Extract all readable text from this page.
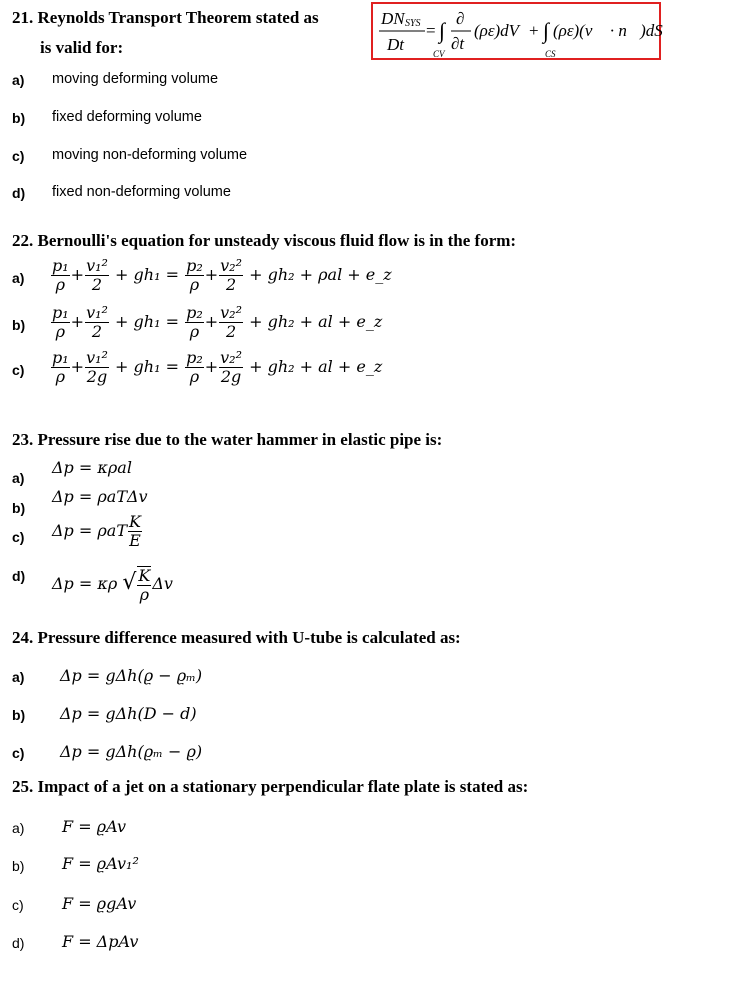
21. Reynolds Transport Theorem stated as
is valid for:
DN SYS
Dt
= ∫
CV
∂
∂t
(ρε)dV + ∫
CS
(ρε)(v⃗ · n⃗)dS
a) moving deforming volume
b) fixed deforming volume
c) moving non-deforming volume
d) fixed non-deforming volume
22. Bernoulli's equation for unsteady viscous fluid flow is in the form:
$a) \frac{\text{p₁}}{\rho} + \frac{\text{v₁²}}{2} + gh_1 = \frac{\text{p₂}}{\rho} + \frac{\text{v₂²}}{2} + gh_2 + \rho al$ + e_z
$b) \frac{\text{p₁}}{\rho} + \frac{\text{v₁²}}{2} + gh_1 = \frac{\text{p₂}}{\rho} + \frac{\text{v₂²}}{2} + gh_2$ + al + e_z
$c) \frac{\text{p₁}}{\rho} + \frac{\text{v₁²}}{2g} + gh_1 = \frac{\text{p₂}}{\rho} + \frac{\text{v₂²}}{2g} + gh_2$ + al + e_z
23. Pressure rise due to the water hammer in elastic pipe is:
a)
Δp = κρal
b)
Δp = ρaTΔv
c) Δp = ρaT $\frac{K}{E}$
d) Δp = κρ √ $\frac{K}{\rho}$ Δv
24. Pressure difference measured with U-tube is calculated as:
a) Δp = gΔh(ϱ − ϱₘ)
b) Δp = gΔh(D − d)
c) Δp = gΔh(ϱₘ − ϱ)
25. Impact of a jet on a stationary perpendicular flate plate is stated as:
a) F = ϱAv
b) F = ϱAv₁²
c) F = ϱgAv
d) F = ΔpAv
